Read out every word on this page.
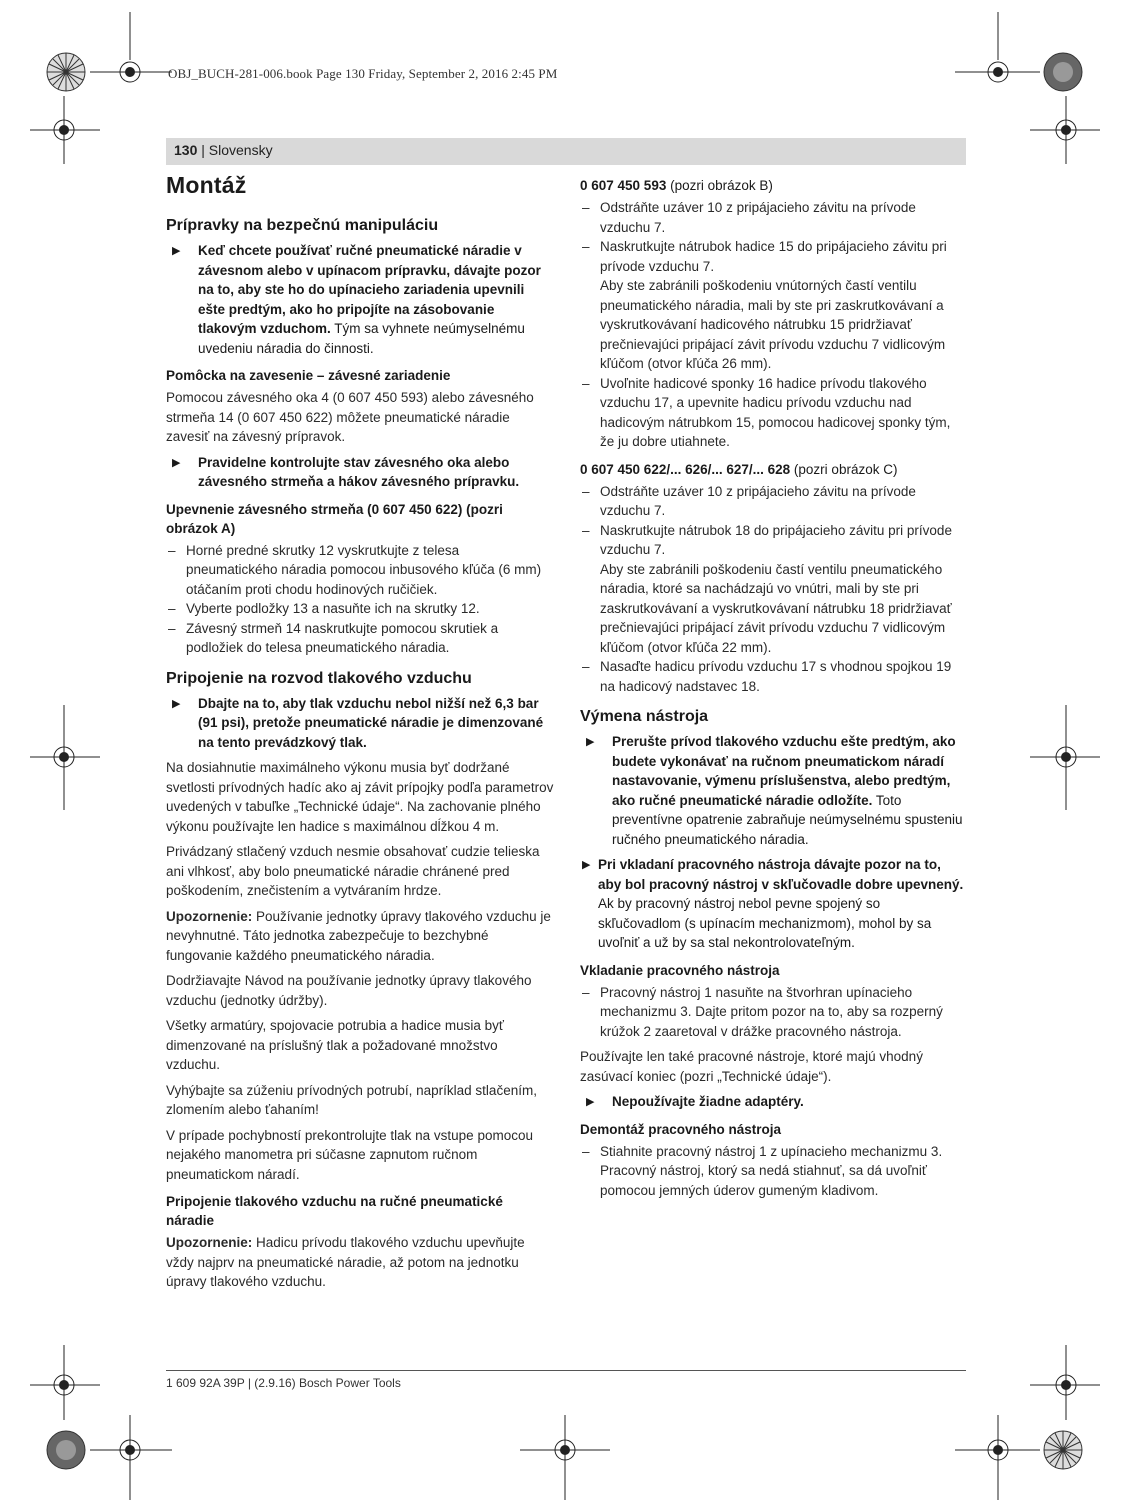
OBJ_BUCH-281-006.book Page 130 Friday, September 2, 2016 2:45 PM
130 | Slovensky
Montáž
Prípravky na bezpečnú manipuláciu
▶ Keď chcete používať ručné pneumatické náradie v závesnom alebo v upínacom prípravku, dávajte pozor na to, aby ste ho do upínacieho zariadenia upevnili ešte predtým, ako ho pripojíte na zásobovanie tlakovým vzduchom. Tým sa vyhnete neúmyselnému uvedeniu náradia do činnosti.
Pomôcka na zavesenie – závesné zariadenie

Pomocou závesného oka 4 (0 607 450 593) alebo závesného strmeňa 14 (0 607 450 622) môžete pneumatické náradie zavesiť na závesný prípravok.

▶ Pravidelne kontrolujte stav závesného oka alebo závesného strmeňa a hákov závesného prípravku.
Upevnenie závesného strmeňa (0 607 450 622) (pozri obrázok A)
– Horné predné skrutky 12 vyskrutkujte z telesa pneumatického náradia pomocou inbusového kľúča (6 mm) otáčaním proti chodu hodinových ručičiek.
– Vyberte podložky 13 a nasuňte ich na skrutky 12.
– Závesný strmeň 14 naskrutkujte pomocou skrutiek a podložiek do telesa pneumatického náradia.
Pripojenie na rozvod tlakového vzduchu
▶ Dbajte na to, aby tlak vzduchu nebol nižší než 6,3 bar (91 psi), pretože pneumatické náradie je dimenzované na tento prevádzkový tlak.

Na dosiahnutie maximálneho výkonu musia byť dodržané svetlosti prívodných hadíc ako aj závit prípojky podľa parametrov uvedených v tabuľke „Technické údaje“. Na zachovanie plného výkonu používajte len hadice s maximálnou dĺžkou 4 m.

Privádzaný stlačený vzduch nesmie obsahovať cudzie telieska ani vlhkosť, aby bolo pneumatické náradie chránené pred poškodením, znečistením a vytváraním hrdze.

Upozornenie: Používanie jednotky úpravy tlakového vzduchu je nevyhnutné. Táto jednotka zabezpečuje to bezchybné fungovanie každého pneumatického náradia.

Dodržiavajte Návod na používanie jednotky úpravy tlakového vzduchu (jednotky údržby).

Všetky armatúry, spojovacie potrubia a hadice musia byť dimenzované na príslušný tlak a požadované množstvo vzduchu.

Vyhýbajte sa zúženiu prívodných potrubí, napríklad stlačením, zlomením alebo ťahaním!

V prípade pochybností prekontrolujte tlak na vstupe pomocou nejakého manometra pri súčasne zapnutom ručnom pneumatickom náradí.

Pripojenie tlakového vzduchu na ručné pneumatické náradie

Upozornenie: Hadicu prívodu tlakového vzduchu upevňujte vždy najprv na pneumatické náradie, až potom na jednotku úpravy tlakového vzduchu.

0 607 450 593 (pozri obrázok B)
– Odstráňte uzáver 10 z pripájacieho závitu na prívode vzduchu 7.
– Naskrutkujte nátrubok hadice 15 do pripájacieho závitu pri prívode vzduchu 7.
Aby ste zabránili poškodeniu vnútorných častí ventilu pneumatického náradia, mali by ste pri zaskrutkovávaní a vyskrutkovávaní hadicového nátrubku 15 pridržiavať prečnievajúci pripájací závit prívodu vzduchu 7 vidlicovým kľúčom (otvor kľúča 26 mm).
– Uvoľnite hadicové sponky 16 hadice prívodu tlakového vzduchu 17, a upevnite hadicu prívodu vzduchu nad hadicovým nátrubkom 15, pomocou hadicovej sponky tým, že ju dobre utiahnete.
0 607 450 622/... 626/... 627/... 628 (pozri obrázok C)
– Odstráňte uzáver 10 z pripájacieho závitu na prívode vzduchu 7.
– Naskrutkujte nátrubok 18 do pripájacieho závitu pri prívode vzduchu 7.
Aby ste zabránili poškodeniu častí ventilu pneumatického náradia, ktoré sa nachádzajú vo vnútri, mali by ste pri zaskrutkovávaní a vyskrutkovávaní nátrubku 18 pridržiavať prečnievajúci pripájací závit prívodu vzduchu 7 vidlicovým kľúčom (otvor kľúča 22 mm).
– Nasaďte hadicu prívodu vzduchu 17 s vhodnou spojkou 19 na hadicový nadstavec 18.
Výmena nástroja
▶ Prerušte prívod tlakového vzduchu ešte predtým, ako budete vykonávať na ručnom pneumatickom náradí nastavovanie, výmenu príslušenstva, alebo predtým, ako ručné pneumatické náradie odložíte. Toto preventívne opatrenie zabraňuje neúmyselnému spusteniu ručného pneumatického náradia.
▶ Pri vkladaní pracovného nástroja dávajte pozor na to, aby bol pracovný nástroj v skľučovadle dobre upevnený. Ak by pracovný nástroj nebol pevne spojený so skľučovadlom (s upínacím mechanizmom), mohol by sa uvoľniť a už by sa stal nekontrolovateľným.
Vkladanie pracovného nástroja
– Pracovný nástroj 1 nasuňte na štvorhran upínacieho mechanizmu 3. Dajte pritom pozor na to, aby sa rozperný krúžok 2 zaaretoval v drážke pracovného nástroja.

Používajte len také pracovné nástroje, ktoré majú vhodný zasúvací koniec (pozri „Technické údaje“).

▶ Nepoužívajte žiadne adaptéry.
Demontáž pracovného nástroja
– Stiahnite pracovný nástroj 1 z upínacieho mechanizmu 3. Pracovný nástroj, ktorý sa nedá stiahnuť, sa dá uvoľniť pomocou jemných úderov gumeným kladivom.
1 609 92A 39P | (2.9.16) Bosch Power Tools
